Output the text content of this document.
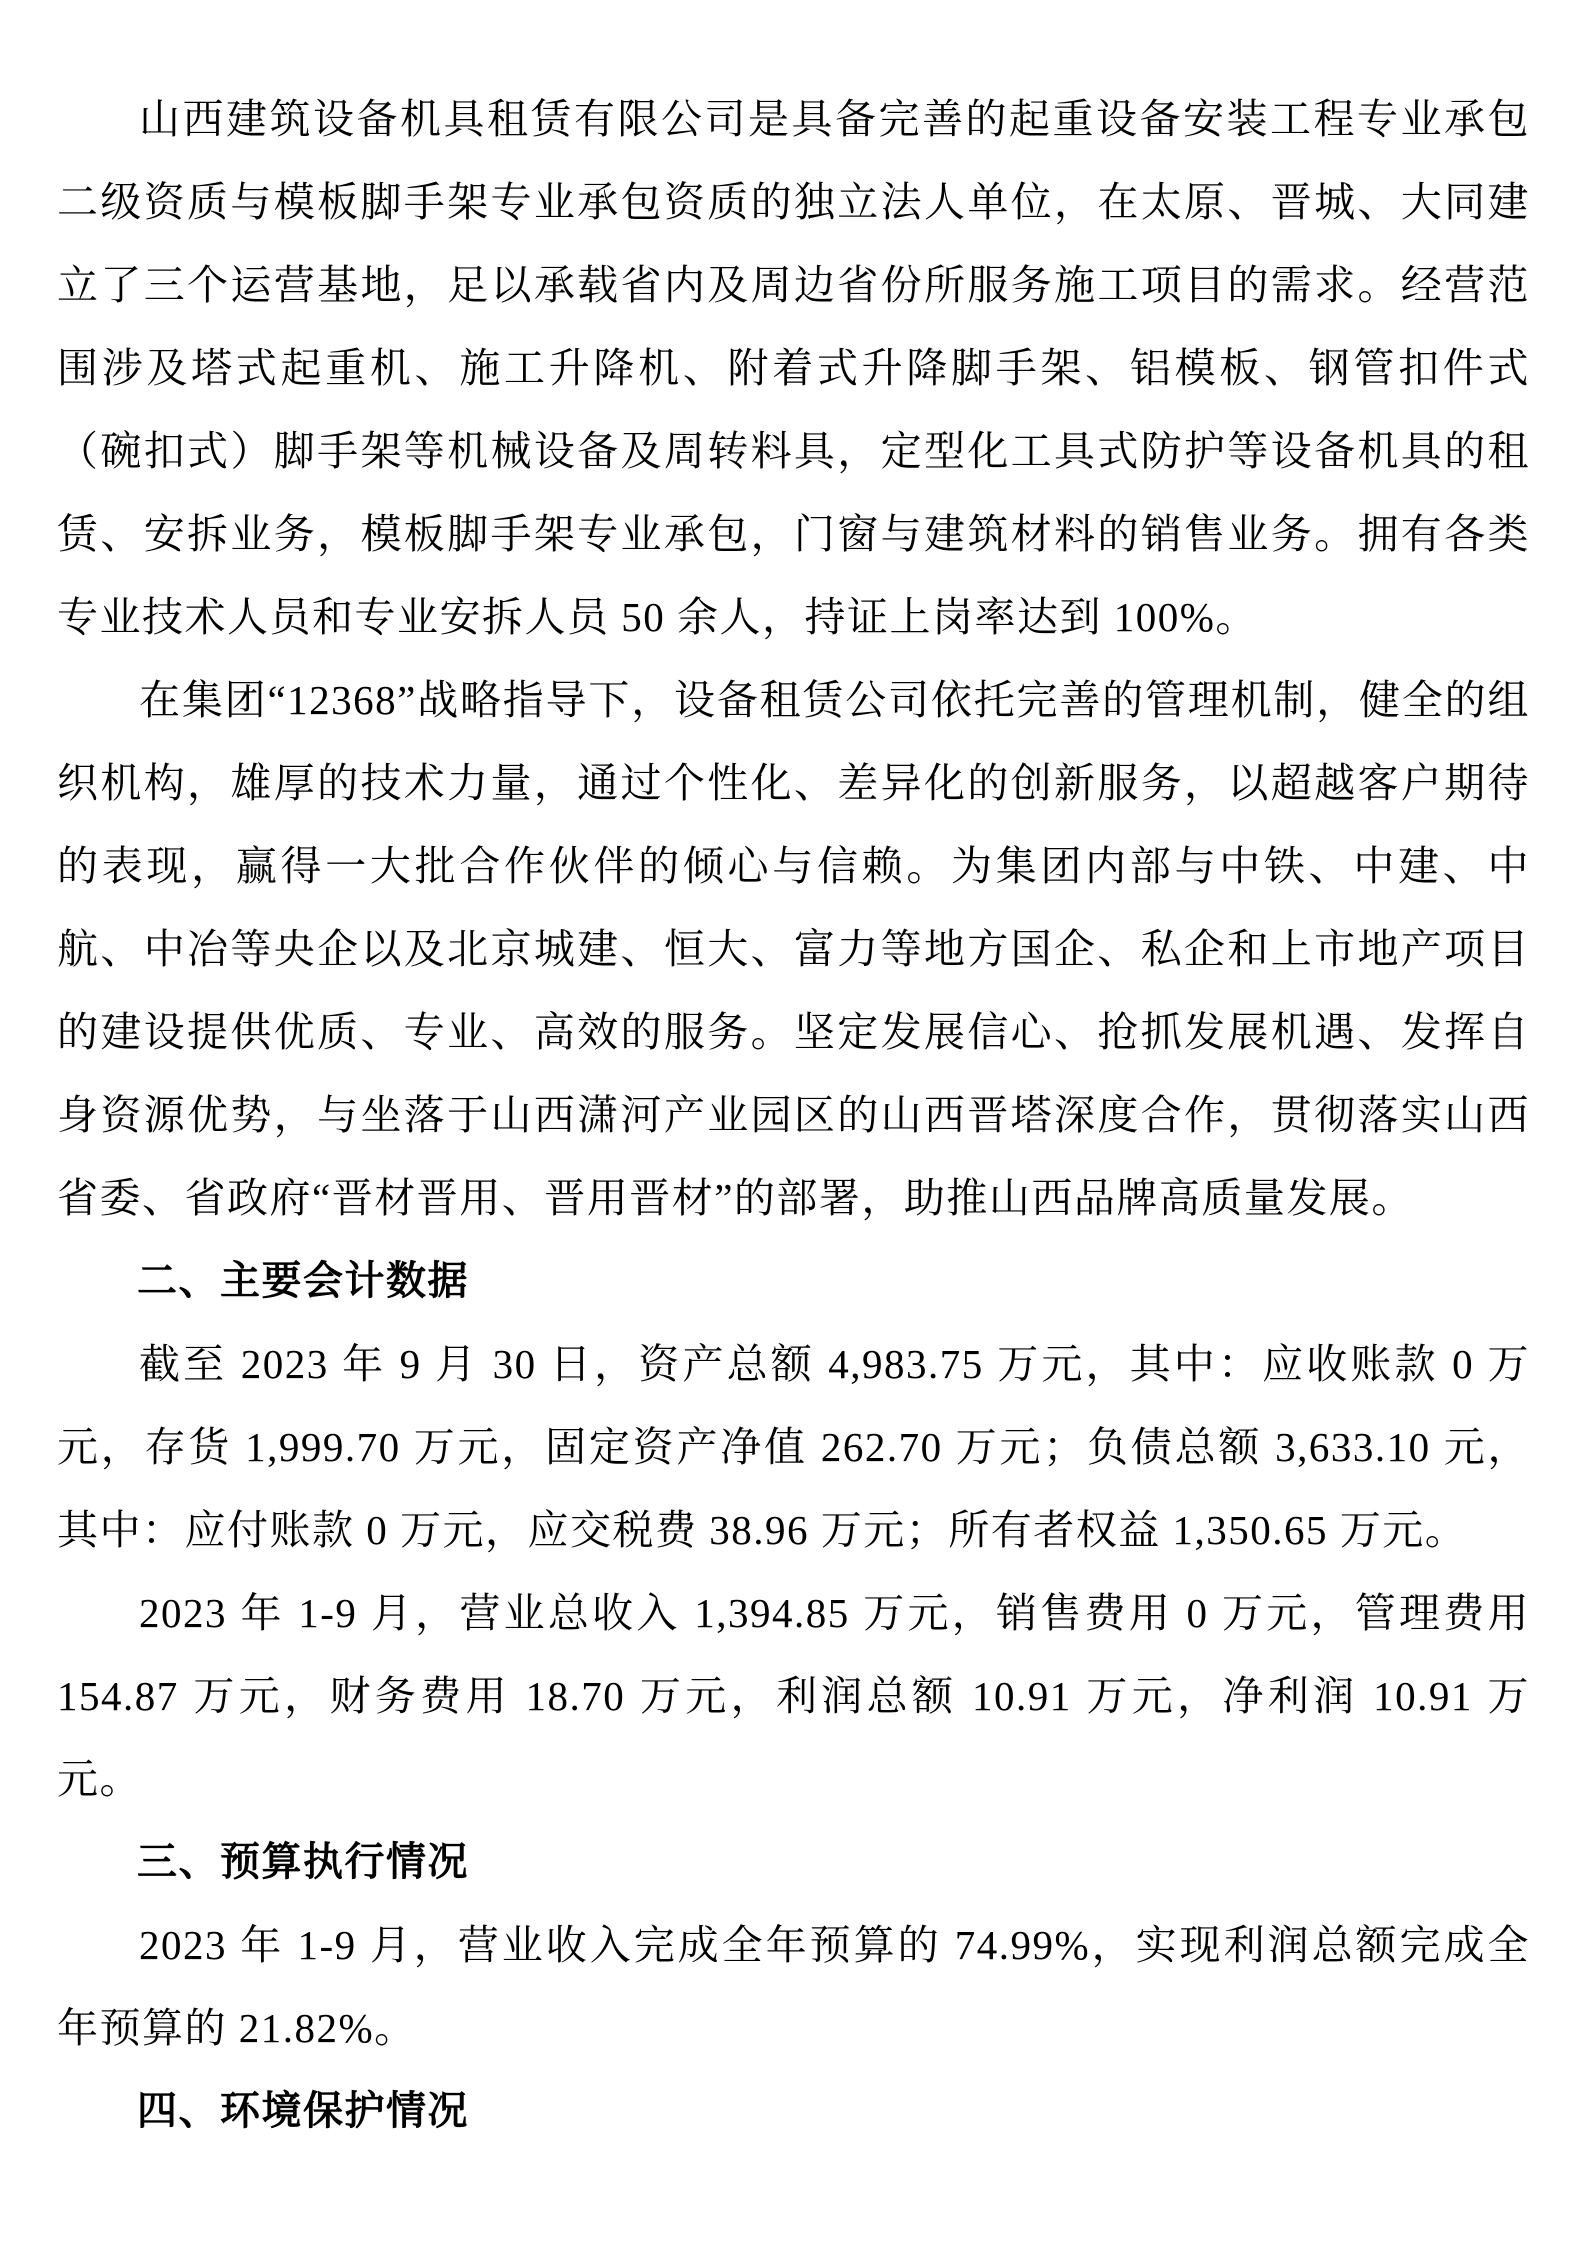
山西建筑设备机具租赁有限公司是具备完善的起重设备安装工程专业承包二级资质与模板脚手架专业承包资质的独立法人单位，在太原、晋城、大同建立了三个运营基地，足以承载省内及周边省份所服务施工项目的需求。经营范围涉及塔式起重机、施工升降机、附着式升降脚手架、铝模板、钢管扣件式（碗扣式）脚手架等机械设备及周转料具，定型化工具式防护等设备机具的租赁、安拆业务，模板脚手架专业承包，门窗与建筑材料的销售业务。拥有各类专业技术人员和专业安拆人员 50 余人，持证上岗率达到 100%。

在集团“12368”战略指导下，设备租赁公司依托完善的管理机制，健全的组织机构，雄厚的技术力量，通过个性化、差异化的创新服务，以超越客户期待的表现，赢得一大批合作伙伴的倾心与信赖。为集团内部与中铁、中建、中航、中冶等央企以及北京城建、恒大、富力等地方国企、私企和上市地产项目的建设提供优质、专业、高效的服务。坚定发展信心、抢抓发展机遇、发挥自身资源优势，与坐落于山西潇河产业园区的山西晋塔深度合作，贯彻落实山西省委、省政府“晋材晋用、晋用晋材”的部署，助推山西品牌高质量发展。

二、主要会计数据

截至 2023 年 9 月 30 日，资产总额 4,983.75 万元，其中：应收账款 0 万元，存货 1,999.70 万元，固定资产净值 262.70 万元；负债总额 3,633.10 元，其中：应付账款 0 万元，应交税费 38.96 万元；所有者权益 1,350.65 万元。

2023 年 1-9 月，营业总收入 1,394.85 万元，销售费用 0 万元，管理费用 154.87 万元，财务费用 18.70 万元，利润总额 10.91 万元，净利润 10.91 万元。

三、预算执行情况

2023 年 1-9 月，营业收入完成全年预算的 74.99%，实现利润总额完成全年预算的 21.82%。

四、环境保护情况
